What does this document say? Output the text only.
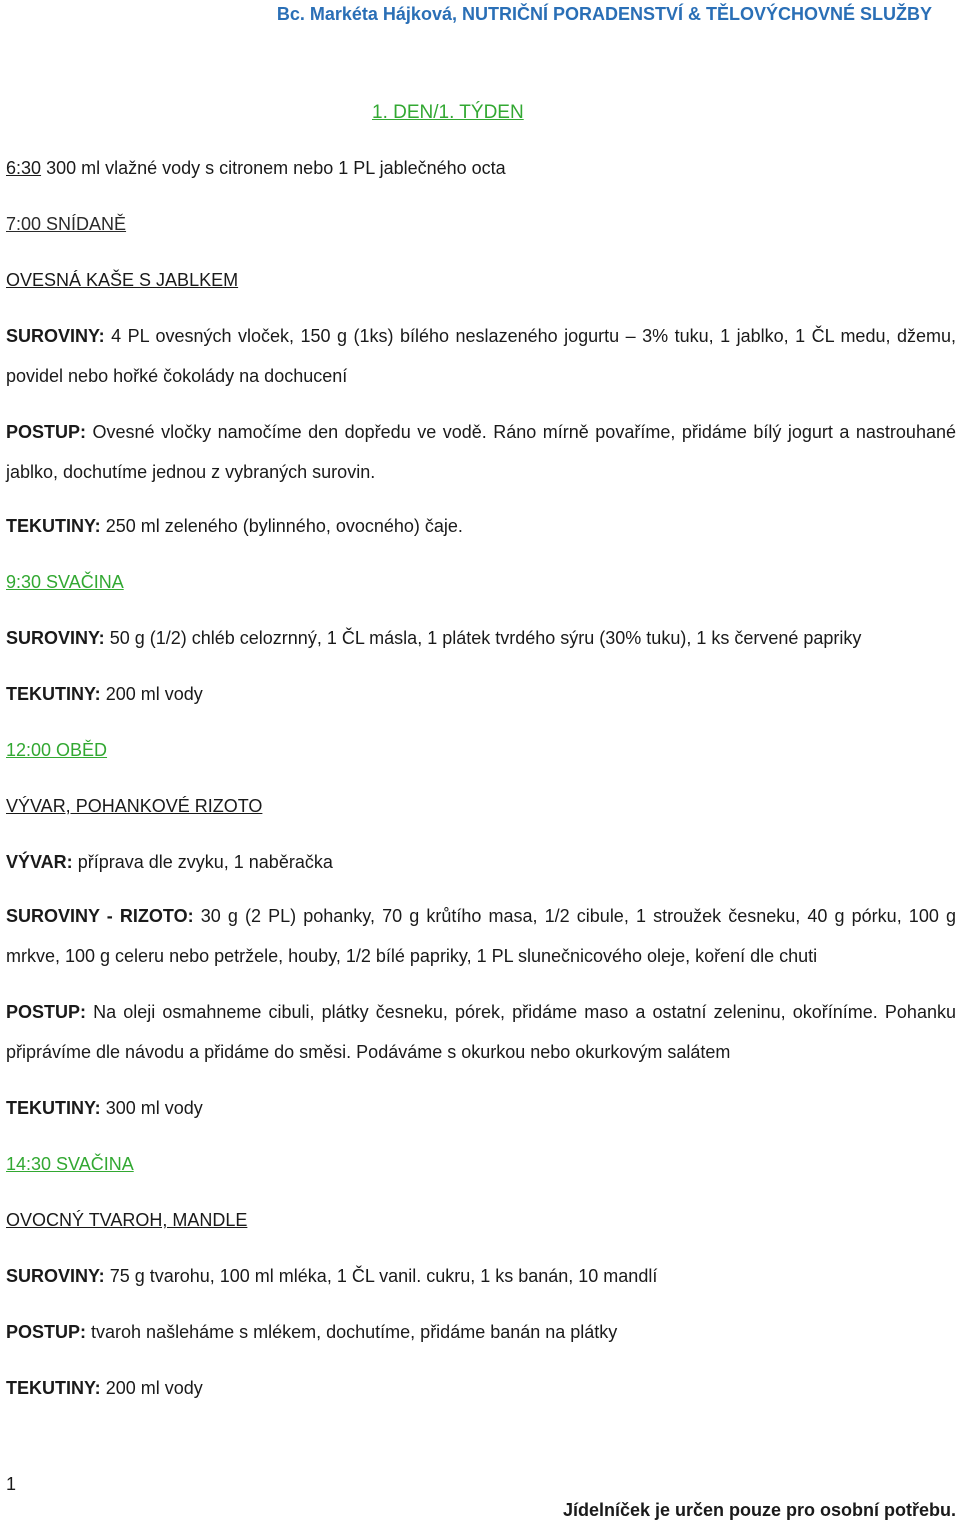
Bc. Markéta Hájková, NUTRIČNÍ PORADENSTVÍ & TĚLOVÝCHOVNÉ SLUŽBY
1. DEN/1. TÝDEN
6:30 300 ml vlažné vody s citronem nebo 1 PL jablečného octa
7:00 SNÍDANĚ
OVESNÁ KAŠE S JABLKEM
SUROVINY: 4 PL ovesných vloček, 150 g (1ks) bílého neslazeného jogurtu – 3% tuku, 1 jablko, 1 ČL medu, džemu, povidel nebo hořké čokolády na dochucení
POSTUP: Ovesné vločky namočíme den dopředu ve vodě. Ráno mírně povaříme, přidáme bílý jogurt a nastrouhané jablko, dochutíme jednou z vybraných surovin.
TEKUTINY: 250 ml zeleného (bylinného, ovocného) čaje.
9:30 SVAČINA
SUROVINY: 50 g (1/2) chléb celozrnný, 1 ČL másla, 1 plátek tvrdého sýru (30% tuku), 1 ks červené papriky
TEKUTINY: 200 ml vody
12:00 OBĚD
VÝVAR, POHANKOVÉ RIZOTO
VÝVAR: příprava dle zvyku, 1 naběračka
SUROVINY - RIZOTO: 30 g (2 PL) pohanky, 70 g krůtího masa, 1/2 cibule, 1 stroužek česneku, 40 g pórku, 100 g mrkve, 100 g celeru nebo petržele, houby, 1/2 bílé papriky, 1 PL slunečnicového oleje, koření dle chuti
POSTUP: Na oleji osmahneme cibuli, plátky česneku, pórek, přidáme maso a ostatní zeleninu, okoříníme. Pohanku připrávíme dle návodu a přidáme do směsi. Podáváme s okurkou nebo okurkovým salátem
TEKUTINY: 300 ml vody
14:30 SVAČINA
OVOCNÝ TVAROH, MANDLE
SUROVINY: 75 g tvarohu, 100 ml mléka, 1 ČL vanil. cukru, 1 ks banán, 10 mandlí
POSTUP: tvaroh našleháme s mlékem, dochutíme, přidáme banán na plátky
TEKUTINY: 200 ml vody
1
Jídelníček je určen pouze pro osobní potřebu.
